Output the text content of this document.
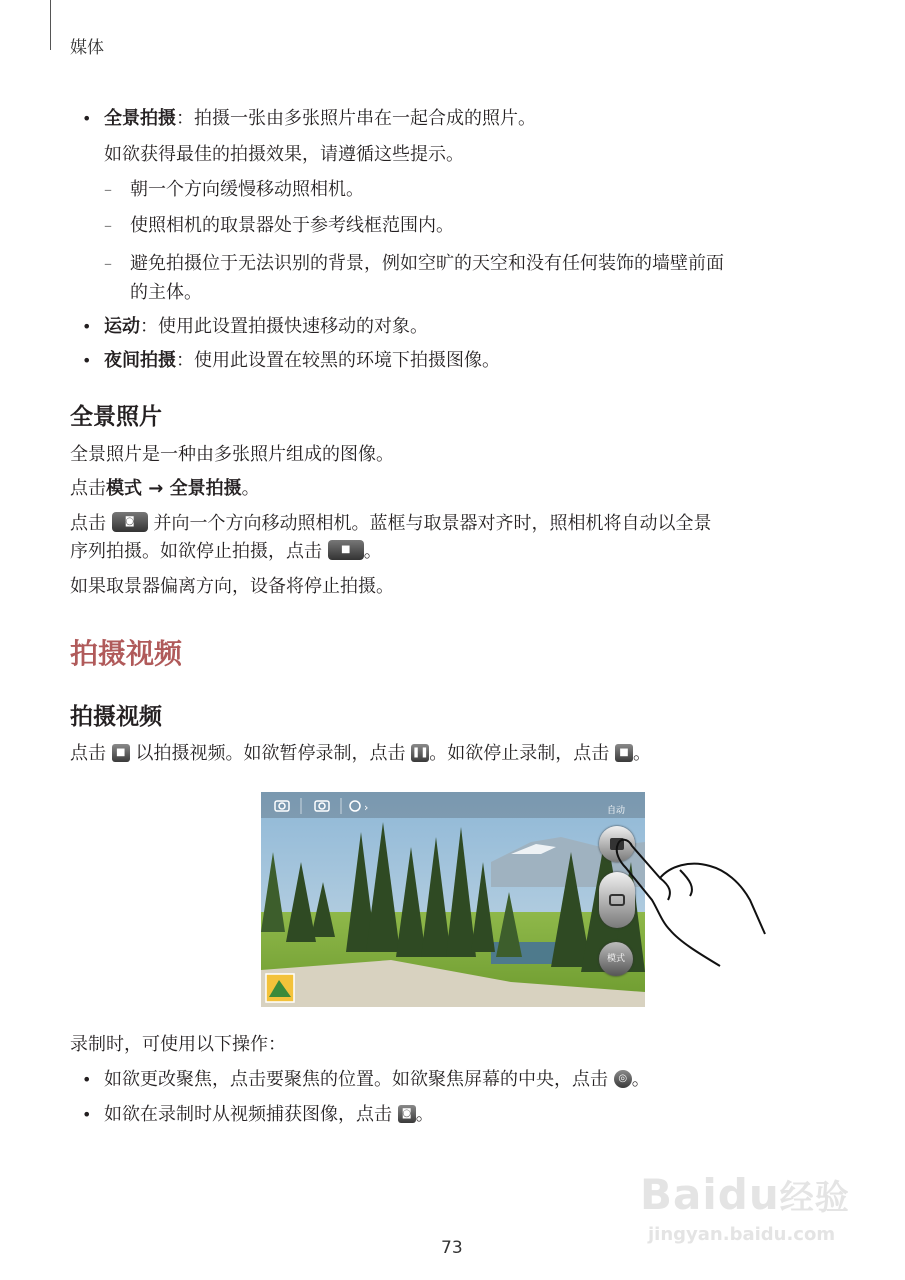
媒体
• 全景拍摄：拍摄一张由多张照片串在一起合成的照片。
如欲获得最佳的拍摄效果，请遵循这些提示。
– 朝一个方向缓慢移动照相机。
– 使照相机的取景器处于参考线框范围内。
– 避免拍摄位于无法识别的背景，例如空旷的天空和没有任何装饰的墙壁前面
的主体。
• 运动：使用此设置拍摄快速移动的对象。
• 夜间拍摄：使用此设置在较黑的环境下拍摄图像。
全景照片
全景照片是一种由多张照片组成的图像。
点击模式 → 全景拍摄。
点击	◙	并向一个方向移动照相机。蓝框与取景器对齐时，照相机将自动以全景
序列拍摄。如欲停止拍摄，点击	■ 。
如果取景器偏离方向，设备将停止拍摄。
拍摄视频
拍摄视频
点击	■ 以拍摄视频。如欲暂停录制，点击 ❚❚ 。如欲停止录制，点击	■ 。
›	自动
模式
录制时，可使用以下操作：
• 如欲更改聚焦，点击要聚焦的位置。如欲聚焦屏幕的中央，点击	◎ 。
• 如欲在录制时从视频捕获图像，点击 ◙ 。
Baidu经验
jingyan.baidu.com
73
